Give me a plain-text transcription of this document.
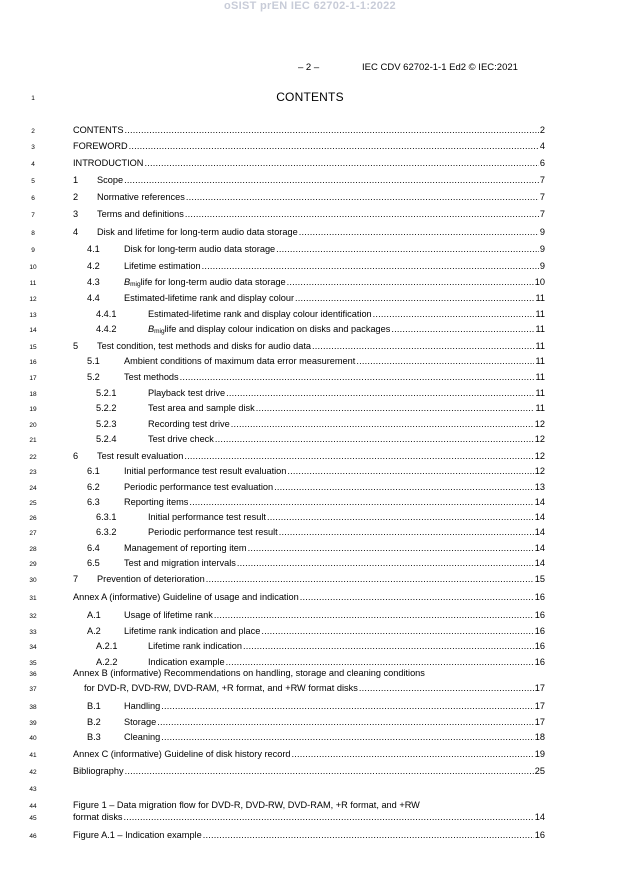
oSIST prEN IEC 62702-1-1:2022
– 2 –	IEC CDV 62702-1-1 Ed2 © IEC:2021
1
2
3
4
5
6
7
8
9
10
11
12
13
14
15
16
17
18
19
20
21
22
23
24
25
26
27
28
29
30
31
32
33
34
35
36
37
38
39
40
41
42
43
44
45
46
CONTENTS
CONTENTS .....	2
FOREWORD .....	4
INTRODUCTION .....	6
1	Scope .....	7
2	Normative references .....	7
3	Terms and definitions .....	7
4	Disk and lifetime for long-term audio data storage .....	9
4.1	Disk for long-term audio data storage .....	9
4.2	Lifetime estimation .....	9
4.3	Bmiglife for long-term audio data storage .....	10
4.4	Estimated-lifetime rank and display colour .....	11
4.4.1	Estimated-lifetime rank and display colour identification .....	11
4.4.2	Bmiglife and display colour indication on disks and packages .....	11
5	Test condition, test methods and disks for audio data .....	11
5.1	Ambient conditions of maximum data error measurement .....	11
5.2	Test methods .....	11
5.2.1	Playback test drive .....	11
5.2.2	Test area and sample disk .....	11
5.2.3	Recording test drive .....	12
5.2.4	Test drive check .....	12
6	Test result evaluation .....	12
6.1	Initial performance test result evaluation .....	12
6.2	Periodic performance test evaluation .....	13
6.3	Reporting items .....	14
6.3.1	Initial performance test result .....	14
6.3.2	Periodic performance test result .....	14
6.4	Management of reporting item .....	14
6.5	Test and migration intervals .....	14
7	Prevention of deterioration .....	15
Annex A (informative) Guideline of usage and indication .....	16
A.1	Usage of lifetime rank .....	16
A.2	Lifetime rank indication and place .....	16
A.2.1	Lifetime rank indication .....	16
A.2.2	Indication example .....	16
Annex B (informative) Recommendations on handling, storage and cleaning conditions
for DVD-R, DVD-RW, DVD-RAM, +R format, and +RW format disks .....	17
B.1	Handling .....	17
B.2	Storage .....	17
B.3	Cleaning .....	18
Annex C (informative) Guideline of disk history record .....	19
Bibliography .....	25
Figure 1 – Data migration flow for DVD-R, DVD-RW, DVD-RAM, +R format, and +RW
format disks .....	14
Figure A.1 – Indication example .....	16
